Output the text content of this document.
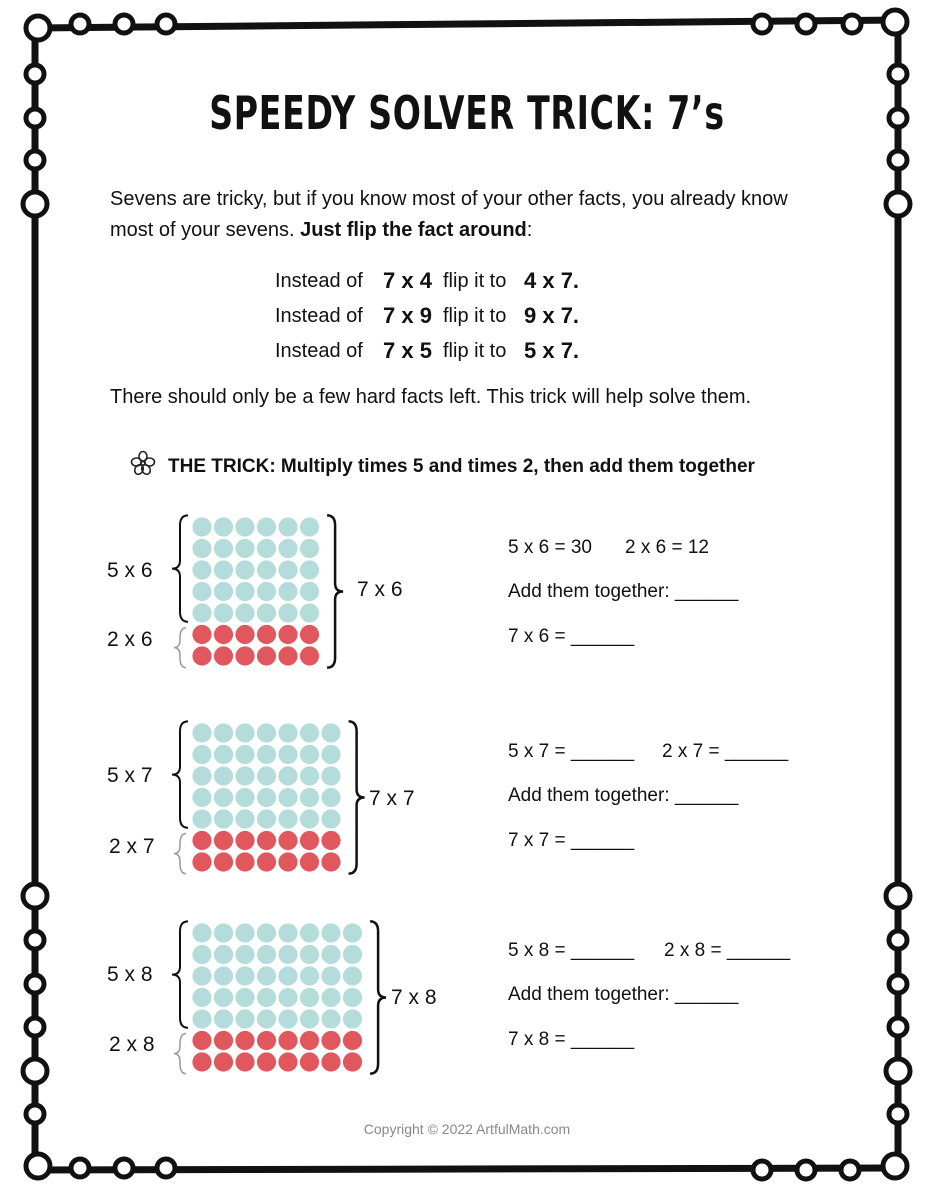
SPEEDY SOLVER TRICK: 7’s
Sevens are tricky, but if you know most of your other facts, you already know most of your sevens. Just flip the fact around:
Instead of 7 x 4 flip it to 4 x 7.
Instead of 7 x 9 flip it to 9 x 7.
Instead of 7 x 5 flip it to 5 x 7.
There should only be a few hard facts left. This trick will help solve them.
THE TRICK: Multiply times 5 and times 2, then add them together
5 x 6
2 x 6
7 x 6
5 x 6 = 30 2 x 6 = 12
Add them together: ______
7 x 6 = ______
5 x 7
2 x 7
7 x 7
5 x 7 = ______ 2 x 7 = ______
Add them together: ______
7 x 7 = ______
5 x 8
2 x 8
7 x 8
5 x 8 = ______ 2 x 8 = ______
Add them together: ______
7 x 8 = ______
Copyright © 2022 ArtfulMath.com
